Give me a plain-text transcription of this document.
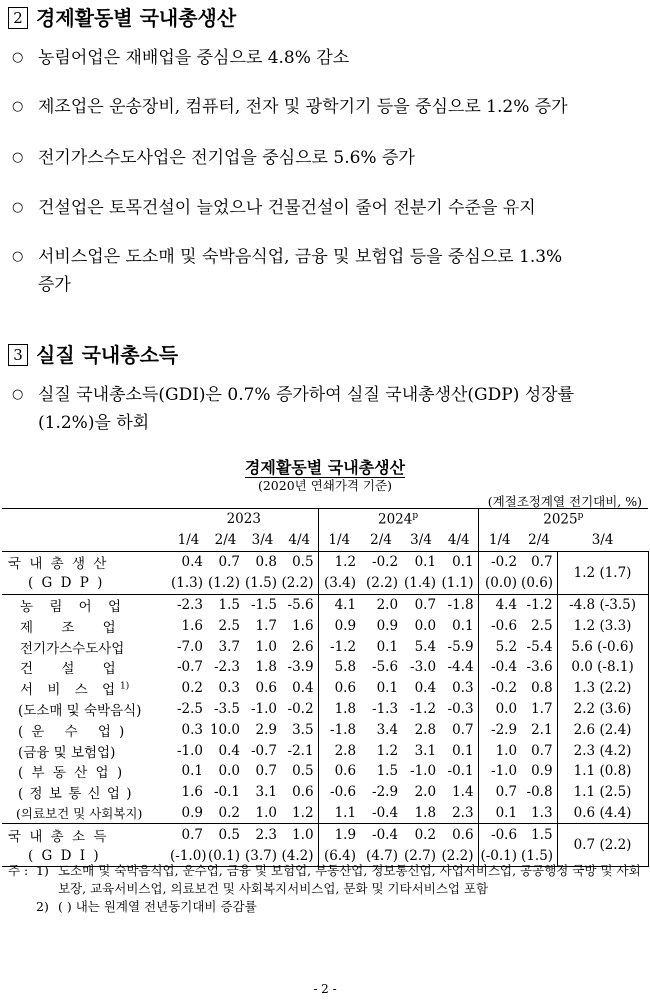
2 경제활동별 국내총생산
○ 농림어업은 재배업을 중심으로 4.8% 감소
○ 제조업은 운송장비, 컴퓨터, 전자 및 광학기기 등을 중심으로 1.2% 증가
○ 전기가스수도사업은 전기업을 중심으로 5.6% 증가
○ 건설업은 토목건설이 늘었으나 건물건설이 줄어 전분기 수준을 유지
○ 서비스업은 도소매 및 숙박음식업, 금융 및 보험업 등을 중심으로 1.3%
증가
3 실질 국내총소득
○ 실질 국내총소득(GDI)은 0.7% 증가하여 실질 국내총생산(GDP) 성장률
(1.2%)을 하회
경제활동별 국내총생산
(2020년 연쇄가격 기준)
(계절조정계열 전기대비, %)
	2023				2024$^p$				2025$^p$
	1/4	2/4	3/4	4/4	1/4	2/4	3/4	4/4	1/4	2/4	3/4
국 내 총 생 산	0.4	0.7	0.8	0.5	1.2	-0.2	0.1	0.1	-0.2	0.7	1.2 (1.7)
( G D P )	(1.3)	(1.2)	(1.5)	(2.2)	(3.4)	(2.2)	(1.4)	(1.1)	(0.0)	(0.6)	
농 림 어 업	-2.3	1.5	-1.5	-5.6	4.1	2.0	0.7	-1.8	4.4	-1.2	-4.8 (-3.5)
제 조 업	1.6	2.5	1.7	1.6	0.9	0.9	0.0	0.1	-0.6	2.5	1.2 (3.3)
전기가스수도사업	-7.0	3.7	1.0	2.6	-1.2	0.1	5.4	-5.9	5.2	-5.4	5.6 (-0.6)
건 설 업	-0.7	-2.3	1.8	-3.9	5.8	-5.6	-3.0	-4.4	-0.4	-3.6	0.0 (-8.1)
서 비 스 업$^{1)}$	0.2	0.3	0.6	0.4	0.6	0.1	0.4	0.3	-0.2	0.8	1.3 (2.2)
(도소매 및 숙박음식)	-2.5	-3.5	-1.0	-0.2	1.8	-1.3	-1.2	-0.3	0.0	1.7	2.2 (3.6)
(운 수 업)	0.3	10.0	2.9	3.5	-1.8	3.4	2.8	0.7	-2.9	2.1	2.6 (2.4)
(금융 및 보험업)	-1.0	0.4	-0.7	-2.1	2.8	1.2	3.1	0.1	1.0	0.7	2.3 (4.2)
( 부 동 산 업 )	0.1	0.0	0.7	0.5	0.6	1.5	-1.0	-0.1	-1.0	0.9	1.1 (0.8)
( 정 보 통 신 업 )	1.6	-0.1	3.1	0.6	-0.6	-2.9	2.0	1.4	0.7	-0.8	1.1 (2.5)
(의료보건 및 사회복지)	0.9	0.2	1.0	1.2	1.1	-0.4	1.8	2.3	0.1	1.3	0.6 (4.4)
국 내 총 소 득	0.7	0.5	2.3	1.0	1.9	-0.4	0.2	0.6	-0.6	1.5	0.7 (2.2)
( G D I )	(-1.0)	(0.1)	(3.7)	(4.2)	(6.4)	(4.7)	(2.7)	(2.2)	(-0.1)	(1.5)	
주 : 1) 도소매 및 숙박음식업, 운수업, 금융 및 보험업, 부동산업, 정보통신업, 사업서비스업, 공공행정 국방 및 사회
보장, 교육서비스업, 의료보건 및 사회복지서비스업, 문화 및 기타서비스업 포함
2) ( ) 내는 원계열 전년동기대비 증감률
- 2 -
